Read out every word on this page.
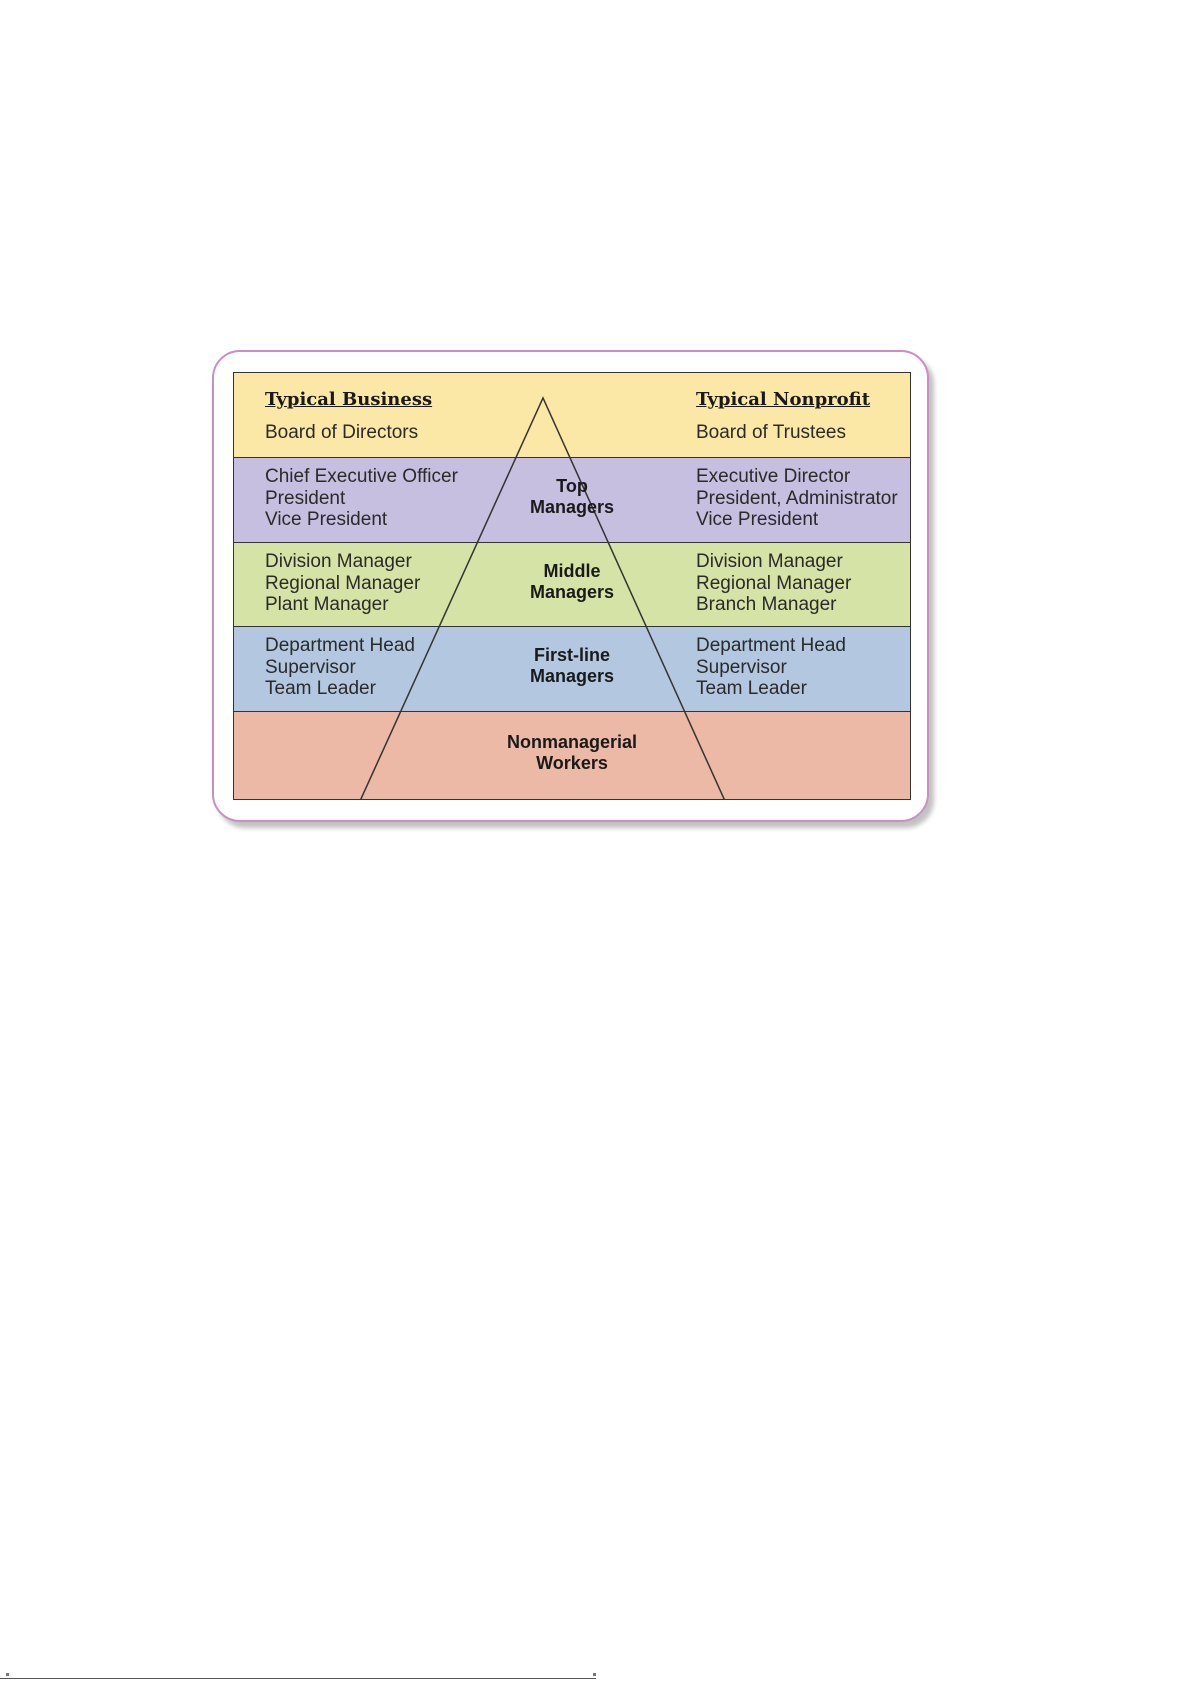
Typical Business
Board of Directors
Typical Nonprofit
Board of Trustees
Chief Executive Officer
President
Vice President
Top
Managers
Executive Director
President, Administrator
Vice President
Division Manager
Regional Manager
Plant Manager
Middle
Managers
Division Manager
Regional Manager
Branch Manager
Department Head
Supervisor
Team Leader
First-line
Managers
Department Head
Supervisor
Team Leader
Nonmanagerial
Workers
